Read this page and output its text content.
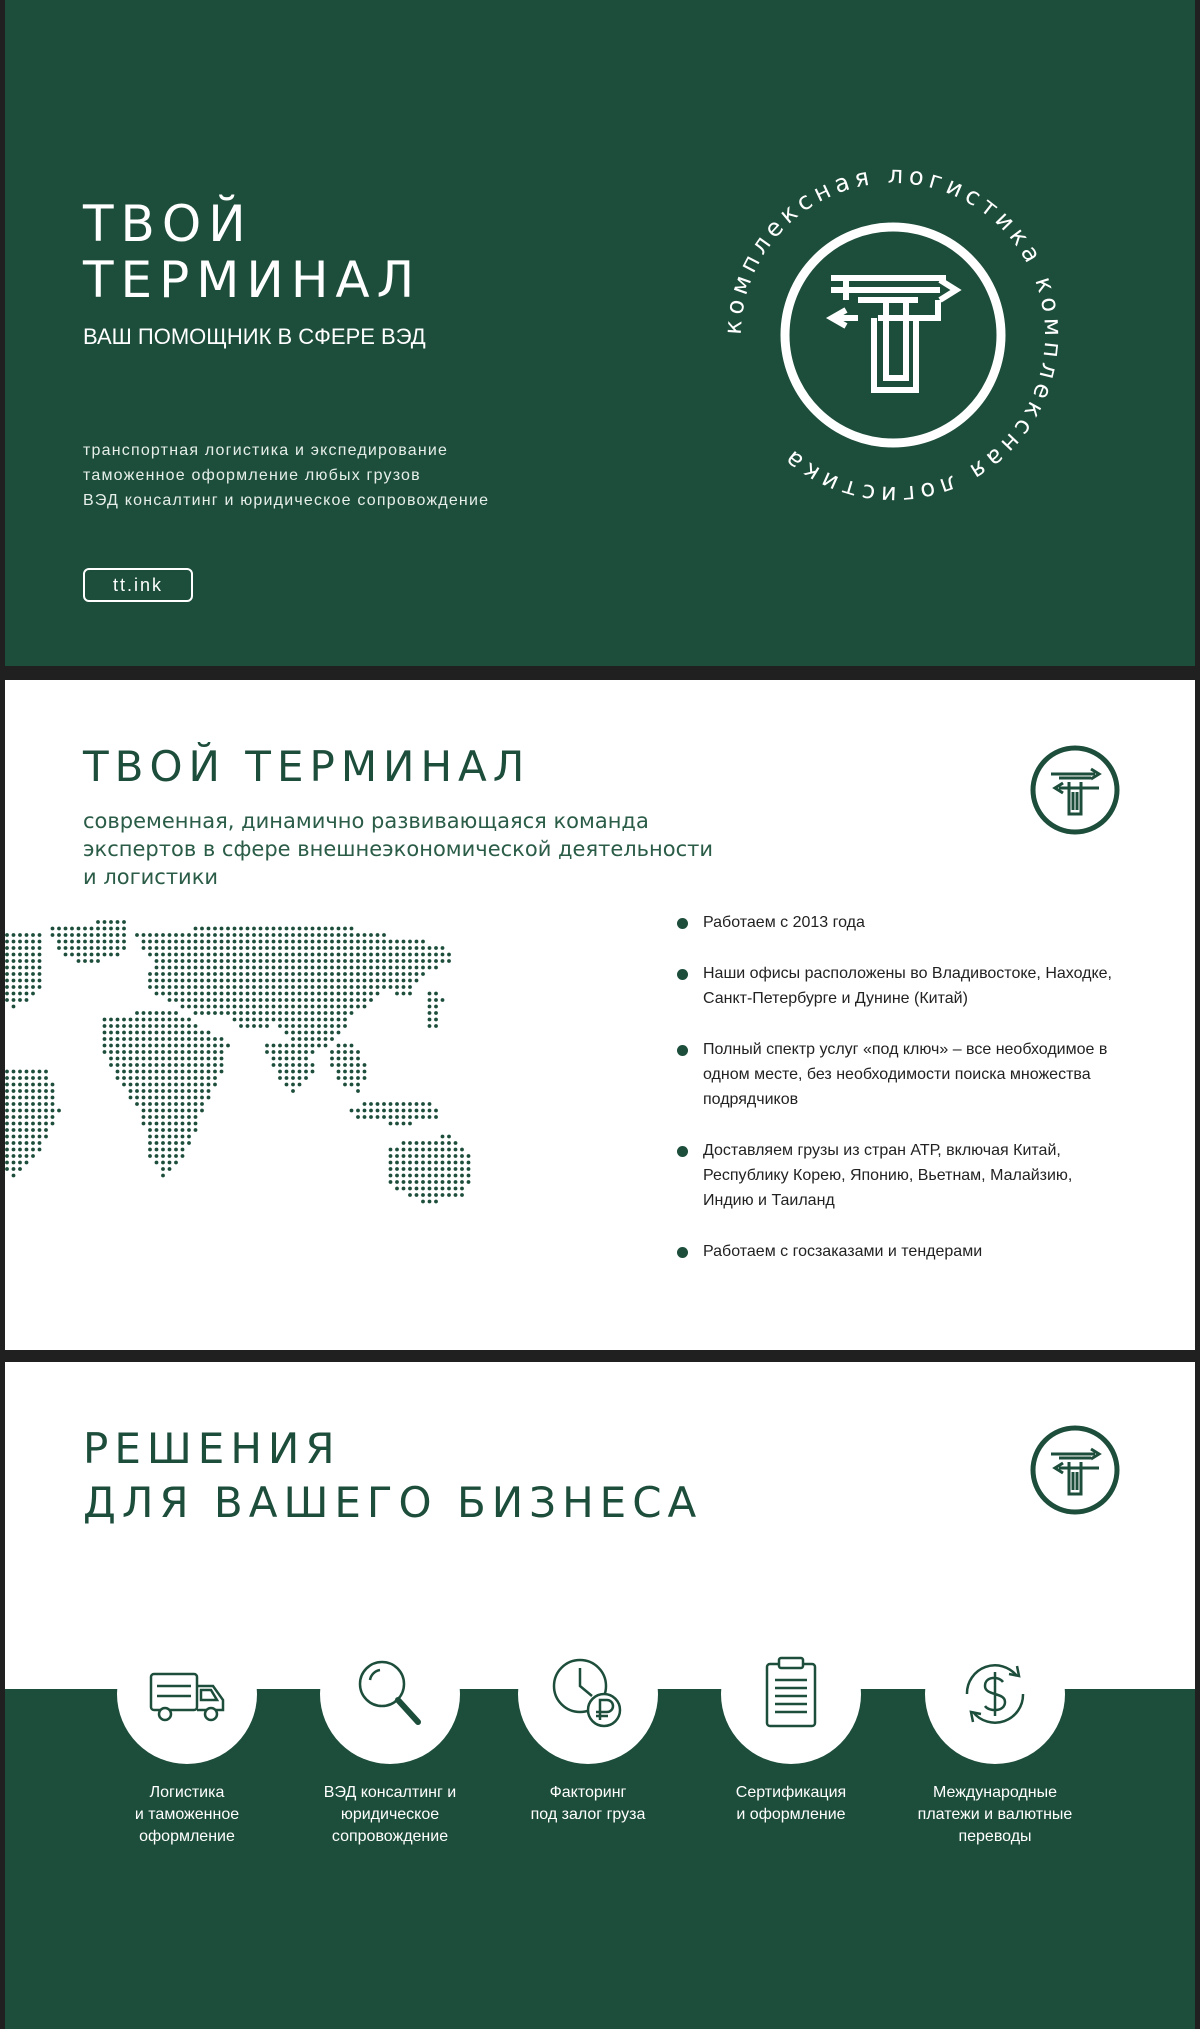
ТВОЙ
ТЕРМИНАЛ
ВАШ ПОМОЩНИК В СФЕРЕ ВЭД
транспортная логистика и экспедирование
таможенное оформление любых грузов
ВЭД консалтинг и юридическое сопровождение
tt.ink
комплексная логистика комплексная логистика
ТВОЙ ТЕРМИНАЛ
современная, динамично развивающаяся команда экспертов в сфере внешнеэкономической деятельности и логистики
Работаем с 2013 года
Наши офисы расположены во Владивостоке, Находке, Санкт-Петербурге и Дунине (Китай)
Полный спектр услуг «под ключ» – все необходимое в одном месте, без необходимости поиска множества подрядчиков
Доставляем грузы из стран АТР, включая Китай, Республику Корею, Японию, Вьетнам, Малайзию, Индию и Таиланд
Работаем с госзаказами и тендерами
РЕШЕНИЯ
ДЛЯ ВАШЕГО БИЗНЕСА
Логистика
и таможенное
оформление
ВЭД консалтинг и
юридическое
сопровождение
Факторинг
под залог груза
Сертификация
и оформление
Международные
платежи и валютные
переводы
